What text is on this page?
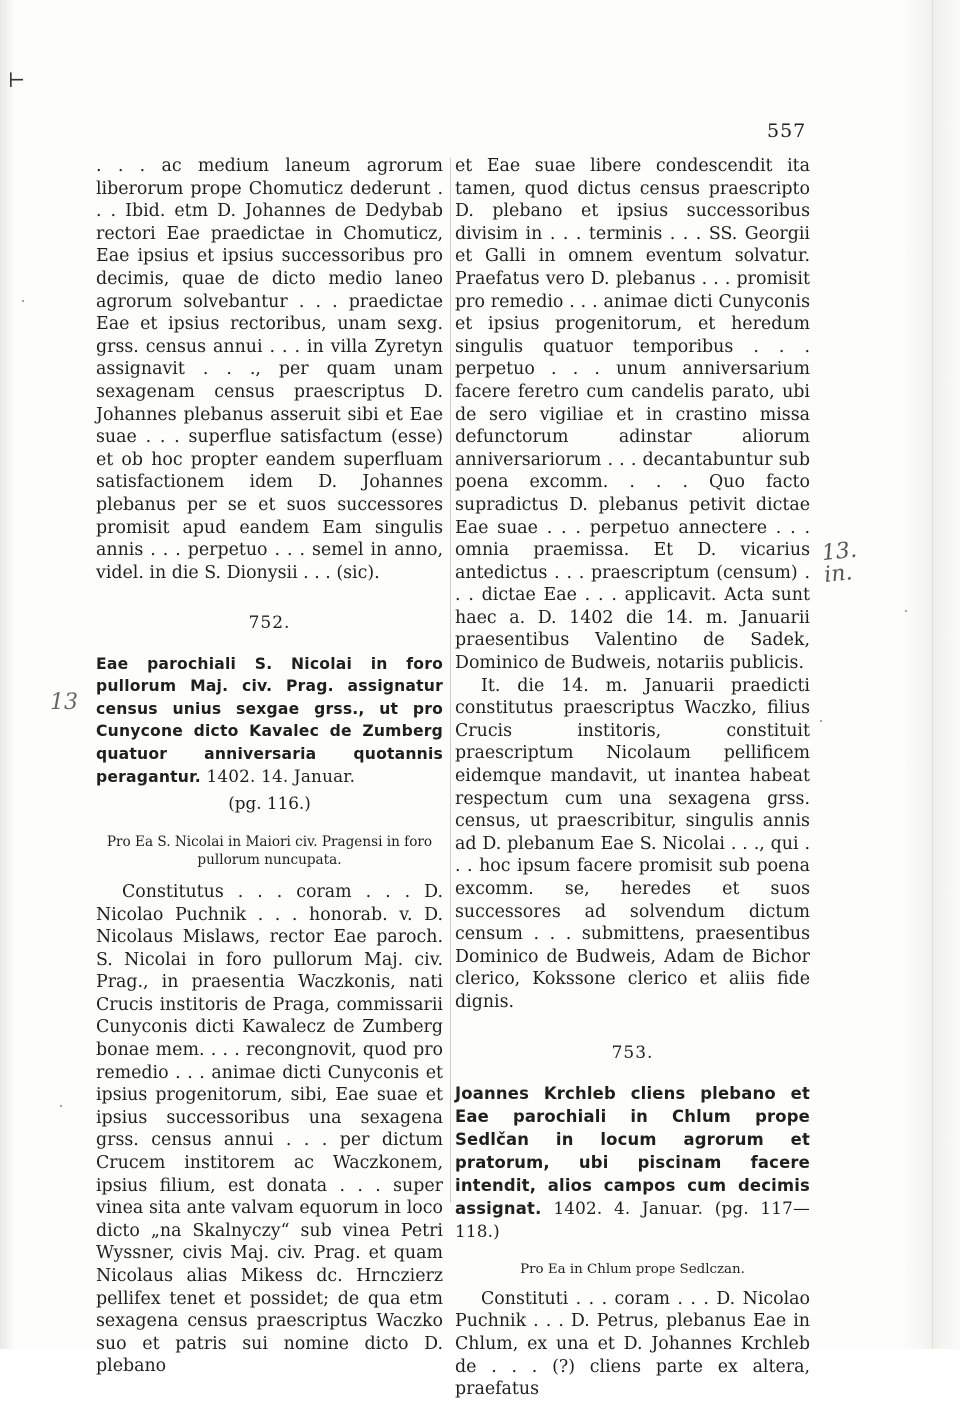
⊢
557

. . . ac medium laneum agrorum liberorum prope Chomuticz dederunt . . . Ibid. etm D. Johannes de Dedybab rectori Eae praedictae in Chomuticz, Eae ipsius et ipsius successoribus pro decimis, quae de dicto medio laneo agrorum solvebantur . . . praedictae Eae et ipsius rectoribus, unam sexg. grss. census annui . . . in villa Zyretyn assignavit . . ., per quam unam sexagenam census praescriptus D. Johannes plebanus asseruit sibi et Eae suae . . . superflue satisfactum (esse) et ob hoc propter eandem superfluam satisfactionem idem D. Johannes plebanus per se et suos successores promisit apud eandem Eam singulis annis . . . perpetuo . . . semel in anno, videl. in die S. Dionysii . . . (sic).

752.
Eae parochiali S. Nicolai in foro pullorum Maj. civ. Prag. assignatur census unius sexgae grss., ut pro Cunycone dicto Kavalec de Zumberg quatuor anniversaria quotannis peragantur. 1402. 14. Januar.
(pg. 116.)
Pro Ea S. Nicolai in Maiori civ. Pragensi in foro pullorum nuncupata.

Constitutus . . . coram . . . D. Nicolao Puchnik . . . honorab. v. D. Nicolaus Mislaws, rector Eae paroch. S. Nicolai in foro pullorum Maj. civ. Prag., in praesentia Waczkonis, nati Crucis institoris de Praga, commissarii Cunyconis dicti Kawalecz de Zumberg bonae mem. . . . recongnovit, quod pro remedio . . . animae dicti Cunyconis et ipsius progenitorum, sibi, Eae suae et ipsius successoribus una sexagena grss. census annui . . . per dictum Crucem institorem ac Waczkonem, ipsius filium, est donata . . . super vinea sita ante valvam equorum in loco dicto „na Skalnyczy“ sub vinea Petri Wyssner, civis Maj. civ. Prag. et quam Nicolaus alias Mikess dc. Hrnczierz pellifex tenet et possidet; de qua etm sexagena census praescriptus Waczko suo et patris sui nomine dicto D. plebano

et Eae suae libere condescendit ita tamen, quod dictus census praescripto D. plebano et ipsius successoribus divisim in . . . terminis . . . SS. Georgii et Galli in omnem eventum solvatur. Praefatus vero D. plebanus . . . promisit pro remedio . . . animae dicti Cunyconis et ipsius progenitorum, et heredum singulis quatuor temporibus . . . perpetuo . . . unum anniversarium facere feretro cum candelis parato, ubi de sero vigiliae et in crastino missa defunctorum adinstar aliorum anniversariorum . . . decantabuntur sub poena excomm. . . . Quo facto supradictus D. plebanus petivit dictae Eae suae . . . perpetuo annectere . . . omnia praemissa. Et D. vicarius antedictus . . . praescriptum (censum) . . . dictae Eae . . . applicavit. Acta sunt haec a. D. 1402 die 14. m. Januarii praesentibus Valentino de Sadek, Dominico de Budweis, notariis publicis.

It. die 14. m. Januarii praedicti constitutus praescriptus Waczko, filius Crucis institoris, constituit praescriptum Nicolaum pellificem eidemque mandavit, ut inantea habeat respectum cum una sexagena grss. census, ut praescribitur, singulis annis ad D. plebanum Eae S. Nicolai . . ., qui . . . hoc ipsum facere promisit sub poena excomm. se, heredes et suos successores ad solvendum dictum censum . . . submittens, praesentibus Dominico de Budweis, Adam de Bichor clerico, Kokssone clerico et aliis fide dignis.

753.
Joannes Krchleb cliens plebano et Eae parochiali in Chlum prope Sedlčan in locum agrorum et pratorum, ubi piscinam facere intendit, alios campos cum decimis assignat. 1402. 4. Januar. (pg. 117—118.)
Pro Ea in Chlum prope Sedlczan.

Constituti . . . coram . . . D. Nicolao Puchnik . . . D. Petrus, plebanus Eae in Chlum, ex una et D. Johannes Krchleb de . . . (?) cliens parte ex altera, praefatus

13. in.
13
